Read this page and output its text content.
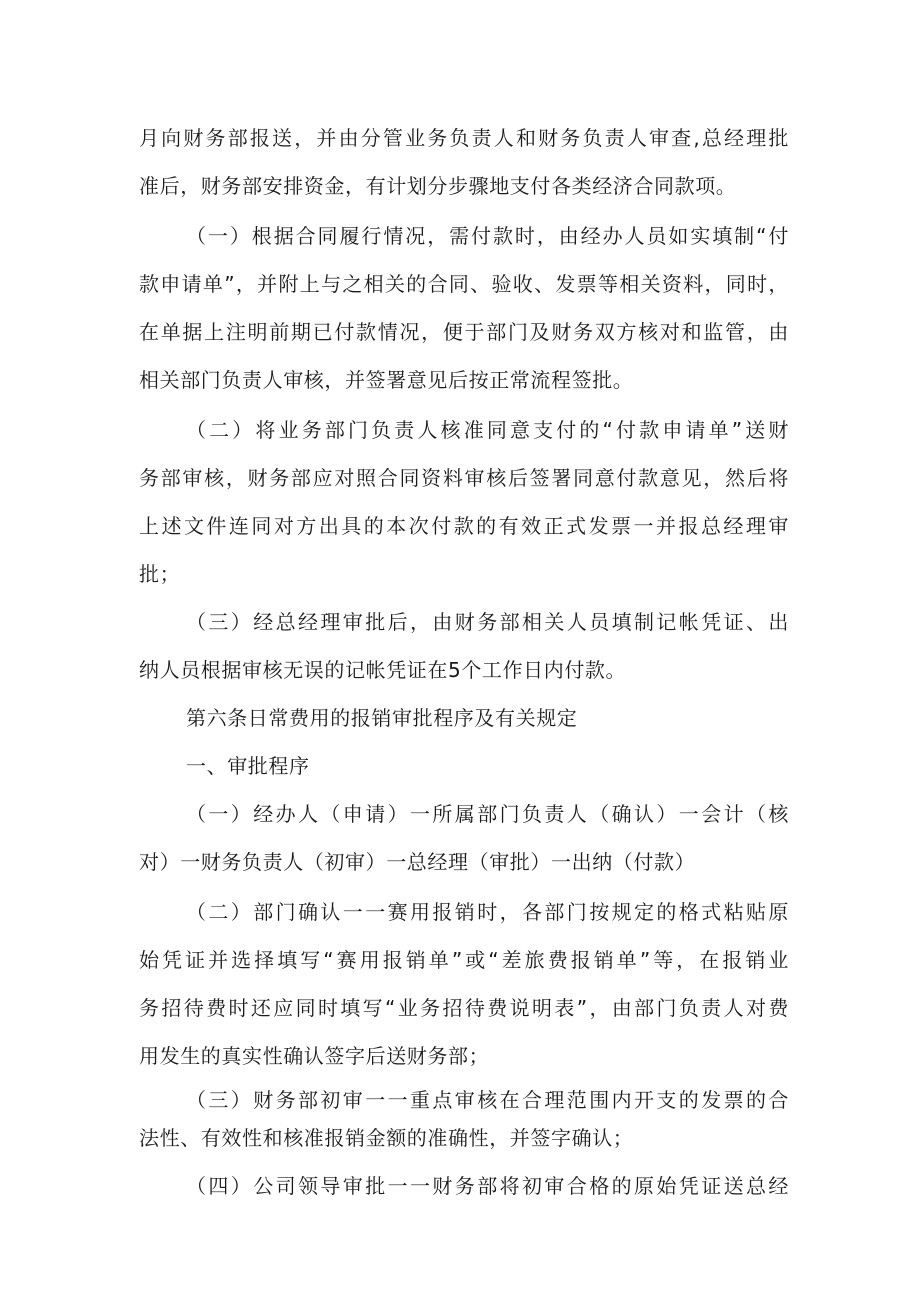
月向财务部报送，并由分管业务负责人和财务负责人审查,总经理批
准后，财务部安排资金，有计划分步骤地支付各类经济合同款项。
（一）根据合同履行情况，需付款时，由经办人员如实填制“付
款申请单”，并附上与之相关的合同、验收、发票等相关资料，同时，
在单据上注明前期已付款情况，便于部门及财务双方核对和监管，由
相关部门负责人审核，并签署意见后按正常流程签批。
（二）将业务部门负责人核准同意支付的“付款申请单”送财
务部审核，财务部应对照合同资料审核后签署同意付款意见，然后将
上述文件连同对方出具的本次付款的有效正式发票一并报总经理审
批；
（三）经总经理审批后，由财务部相关人员填制记帐凭证、出
纳人员根据审核无误的记帐凭证在5个工作日内付款。
第六条日常费用的报销审批程序及有关规定
一、审批程序
（一）经办人（申请）一所属部门负责人（确认）一会计（核
对）一财务负责人（初审）一总经理（审批）一出纳（付款）
（二）部门确认一一赛用报销时，各部门按规定的格式粘贴原
始凭证并选择填写“赛用报销单”或“差旅费报销单”等，在报销业
务招待费时还应同时填写“业务招待费说明表”，由部门负责人对费
用发生的真实性确认签字后送财务部；
（三）财务部初审一一重点审核在合理范围内开支的发票的合
法性、有效性和核准报销金额的准确性，并签字确认；
（四）公司领导审批一一财务部将初审合格的原始凭证送总经
